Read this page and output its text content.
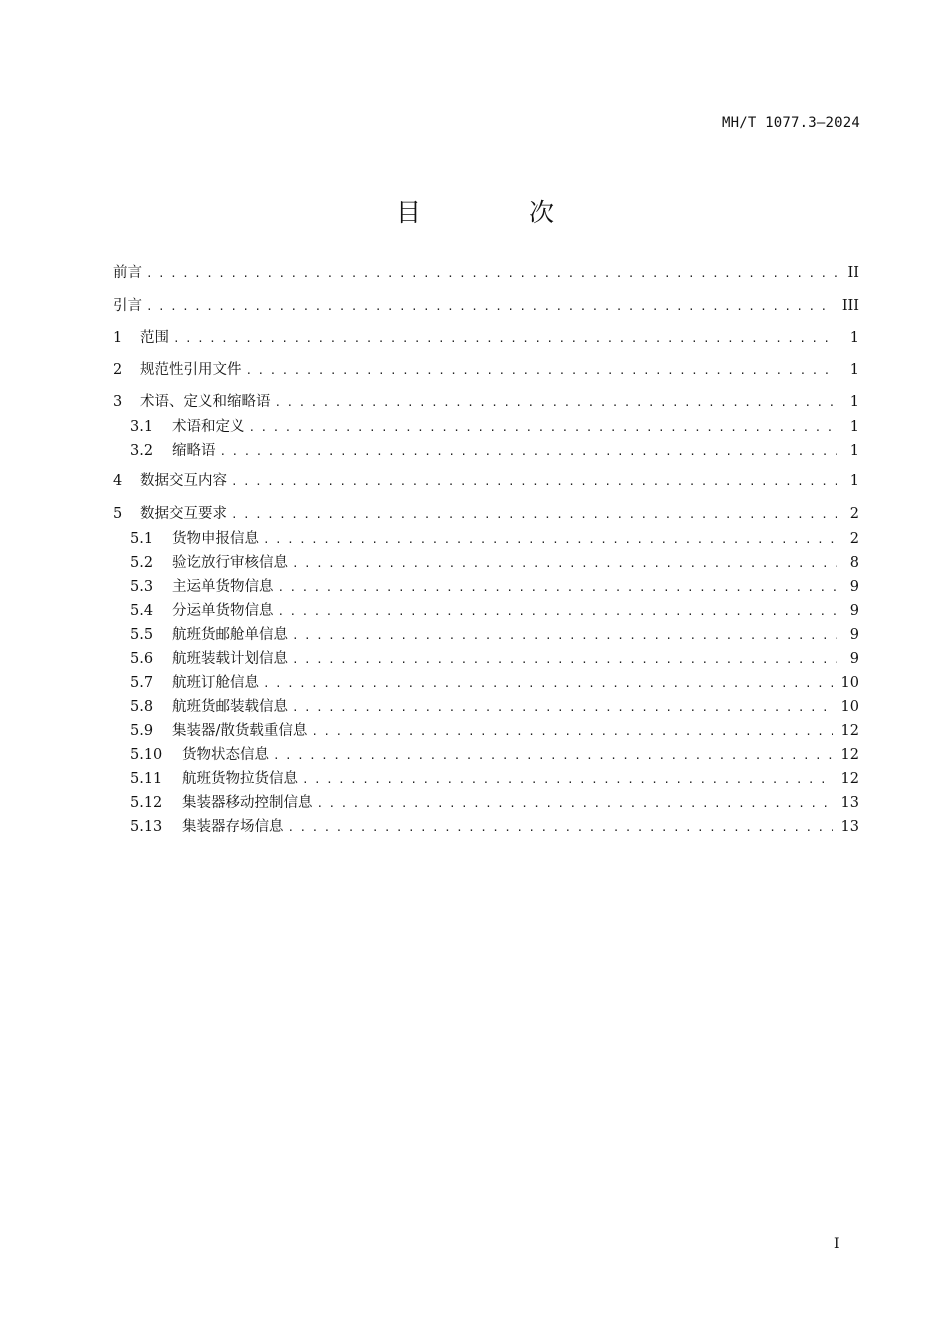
MH/T 1077.3—2024
目 次
前言 . . .	II
引言 . . .	III
1	范围 . . .	1
2	规范性引用文件 . . .	1
3	术语、定义和缩略语 . . .	1
3.1	术语和定义 . . .	1
3.2	缩略语 . . .	1
4	数据交互内容 . . .	1
5	数据交互要求 . . .	2
5.1	货物申报信息 . . .	2
5.2	验讫放行审核信息 . . .	8
5.3	主运单货物信息 . . .	9
5.4	分运单货物信息 . . .	9
5.5	航班货邮舱单信息 . . .	9
5.6	航班装载计划信息 . . .	9
5.7	航班订舱信息 . . .	10
5.8	航班货邮装载信息 . . .	10
5.9	集装器/散货载重信息 . . .	12
5.10	货物状态信息 . . .	12
5.11	航班货物拉货信息 . . .	12
5.12	集装器移动控制信息 . . .	13
5.13	集装器存场信息 . . .	13
I
